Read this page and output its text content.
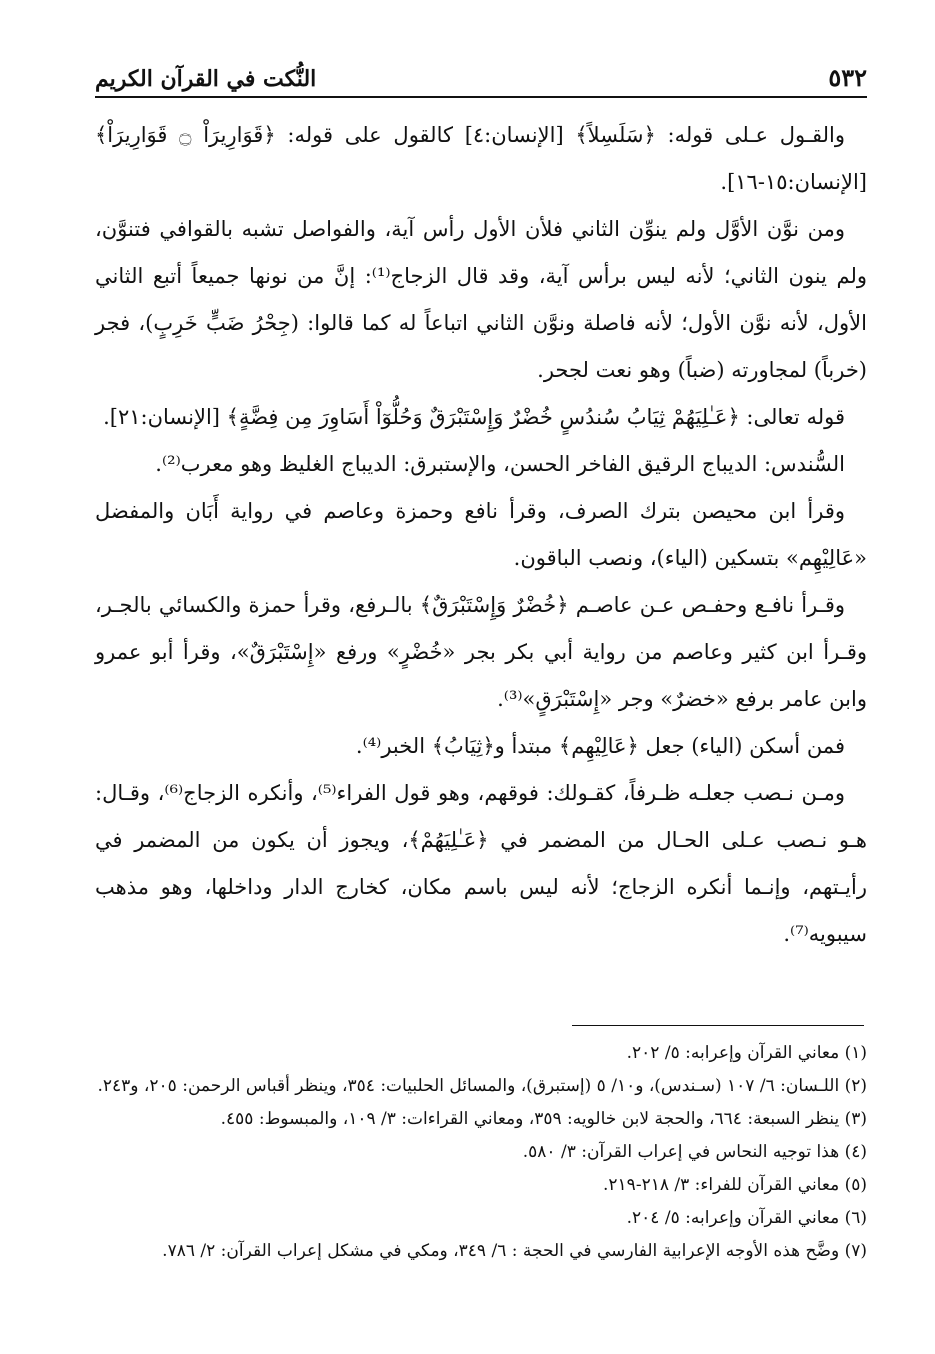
٥٣٢
النُّكت في القرآن الكريم

والقـول عـلى قوله: ﴿سَلَسِلاً﴾ [الإنسان:٤] كالقول على قوله: ﴿قَوَارِيرَاْ ۝ قَوَارِيرَاْ﴾ [الإنسان:١٥-١٦].

ومن نوَّن الأوَّل ولم ينوِّن الثاني فلأن الأول رأس آية، والفواصل تشبه بالقوافي فتنوَّن، ولم ينون الثاني؛ لأنه ليس برأس آية، وقد قال الزجاج⁽¹⁾: إنَّ من نونها جميعاً أتبع الثاني الأول، لأنه نوَّن الأول؛ لأنه فاصلة ونوَّن الثاني اتباعاً له كما قالوا: (جِحْرُ ضَبٍّ خَرِبٍ)، فجر (خرباً) لمجاورته (ضباً) وهو نعت لجحر.

قوله تعالى: ﴿عَـٰلِيَهُمْ ثِيَابُ سُندُسٍ خُضْرٌ وَإِسْتَبْرَقٌ وَحُلُّوٓاْ أَسَاوِرَ مِن فِضَّةٍ﴾ [الإنسان:٢١].

السُّندس: الديباج الرقيق الفاخر الحسن، والإستبرق: الديباج الغليظ وهو معرب⁽²⁾.

وقرأ ابن محيصن بترك الصرف، وقرأ نافع وحمزة وعاصم في رواية أَبَان والمفضل «عَالِيْهِم» بتسكين (الياء)، ونصب الباقون.

وقـرأ نافـع وحفـص عـن عاصـم ﴿خُضْرٌ وَإِسْتَبْرَقٌ﴾ بالـرفع، وقرأ حمزة والكسائي بالجـر، وقـرأ ابن كثير وعاصم من رواية أبي بكر بجر «خُضْرٍ» ورفع «إِسْتَبْرَقٌ»، وقرأ أبو عمرو وابن عامر برفع «خضرٌ» وجر «إِسْتَبْرَقٍ»⁽³⁾.

فمن أسكن (الياء) جعل ﴿عَالِيْهِم﴾ مبتدأ و﴿ثِيَابُ﴾ الخبر⁽⁴⁾.

ومـن نـصب جعلـه ظـرفاً، كقـولك: فوقهم، وهو قول الفراء⁽⁵⁾، وأنكره الزجاج⁽⁶⁾، وقـال: هـو نـصب عـلى الحـال من المضمر في ﴿عَـٰلِيَهُمْ﴾، ويجوز أن يكون من المضمر في رأيـتهم، وإنـما أنكره الزجاج؛ لأنه ليس باسم مكان، كخارج الدار وداخلها، وهو مذهب سيبويه⁽⁷⁾.

(١) معاني القرآن وإعرابه: ٥/ ٢٠٢.

(٢) اللـسان: ٦/ ١٠٧ (سـندس)، و١٠/ ٥ (إستبرق)، والمسائل الحلبيات: ٣٥٤، وينظر أقباس الرحمن: ٢٠٥، و٢٤٣.

(٣) ينظر السبعة: ٦٦٤، والحجة لابن خالويه: ٣٥٩، ومعاني القراءات: ٣/ ١٠٩، والمبسوط: ٤٥٥.

(٤) هذا توجيه النحاس في إعراب القرآن: ٣/ ٥٨٠.

(٥) معاني القرآن للفراء: ٣/ ٢١٨-٢١٩.

(٦) معاني القرآن وإعرابه: ٥/ ٢٠٤.

(٧) وضَّح هذه الأوجه الإعرابية الفارسي في الحجة : ٦/ ٣٤٩، ومكي في مشكل إعراب القرآن: ٢/ ٧٨٦.
